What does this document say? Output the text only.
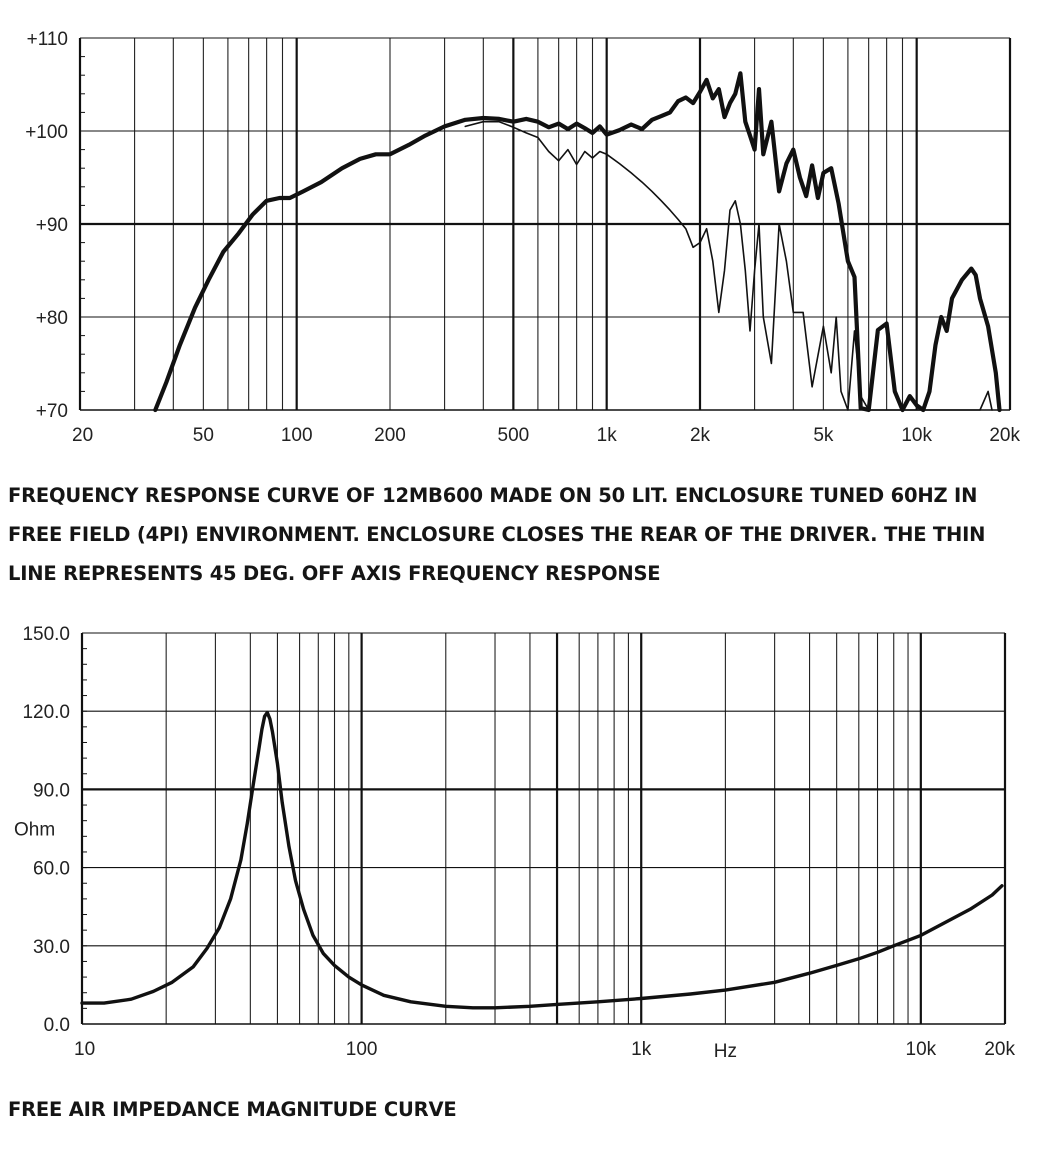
+110
+100
+90
+80
+70
20	50	100	200	500	1k	2k	5k	10k	20k
FREQUENCY RESPONSE CURVE OF 12MB600 MADE ON 50 LIT. ENCLOSURE TUNED 60HZ IN FREE FIELD (4PI) ENVIRONMENT. ENCLOSURE CLOSES THE REAR OF THE DRIVER. THE THIN LINE REPRESENTS 45 DEG. OFF AXIS FREQUENCY RESPONSE
150.0
120.0
90.0
60.0
30.0
0.0
10	100	1k	10k	20k
Ohm
Hz
FREE AIR IMPEDANCE MAGNITUDE CURVE
